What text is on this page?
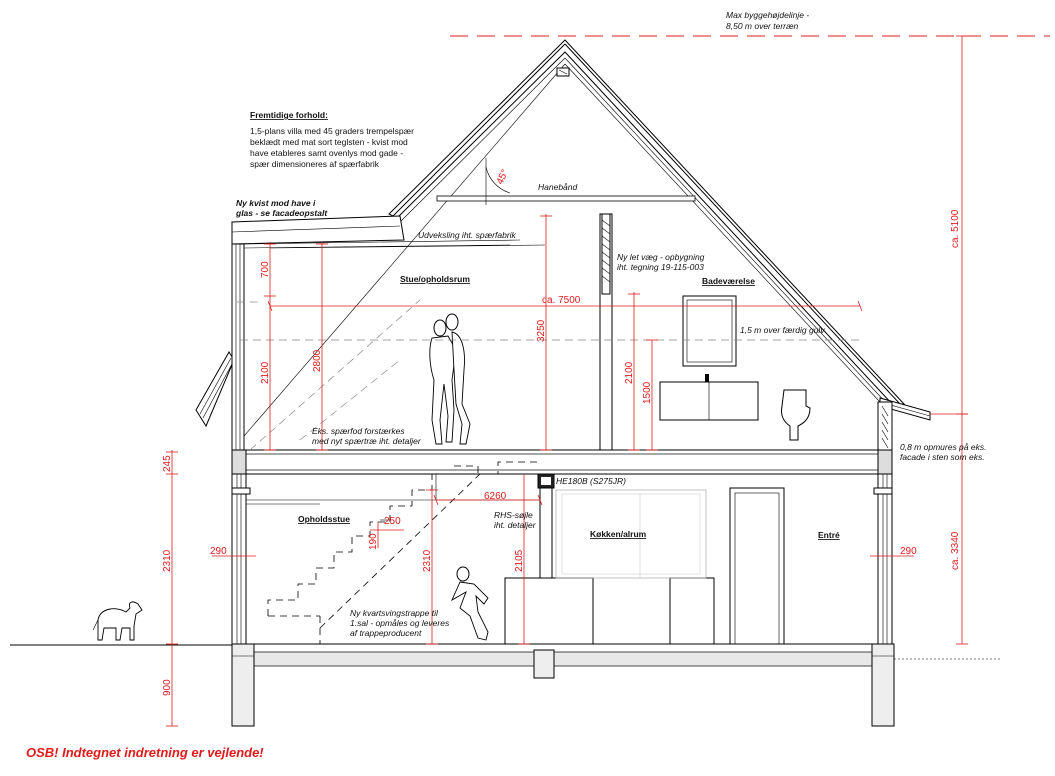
Max byggehøjdelinje -
8,50 m over terræn
45°
700
2100
2800
3250
ca. 7500
2100
1500
ca. 5100
245
6260
250
190
2310	290	2310	2105	290	ca. 3340
900
Fremtidige forhold:
1,5-plans villa med 45 graders trempelspær
beklædt med mat sort teglsten - kvist mod
have etableres samt ovenlys mod gade -
spær dimensioneres af spærfabrik
Ny kvist mod have i
glas - se facadeopstalt
Hanebånd
Udveksling iht. spærfabrik
Stue/opholdsrum	Badeværelse
Ny let væg - opbygning
iht. tegning 19-115-003
1,5 m over færdig gulv
Eks. spærfod forstærkes
med nyt spærtræ iht. detaljer
HE180B (S275JR)
RHS-søjle
iht. detaljer
Opholdsstue
Køkken/alrum	Entré
Ny kvartsvingstrappe til
1.sal - opmåles og leveres
af trappeproducent
0,8 m opmures på eks.
facade i sten som eks.
OSB! Indtegnet indretning er vejlende!
